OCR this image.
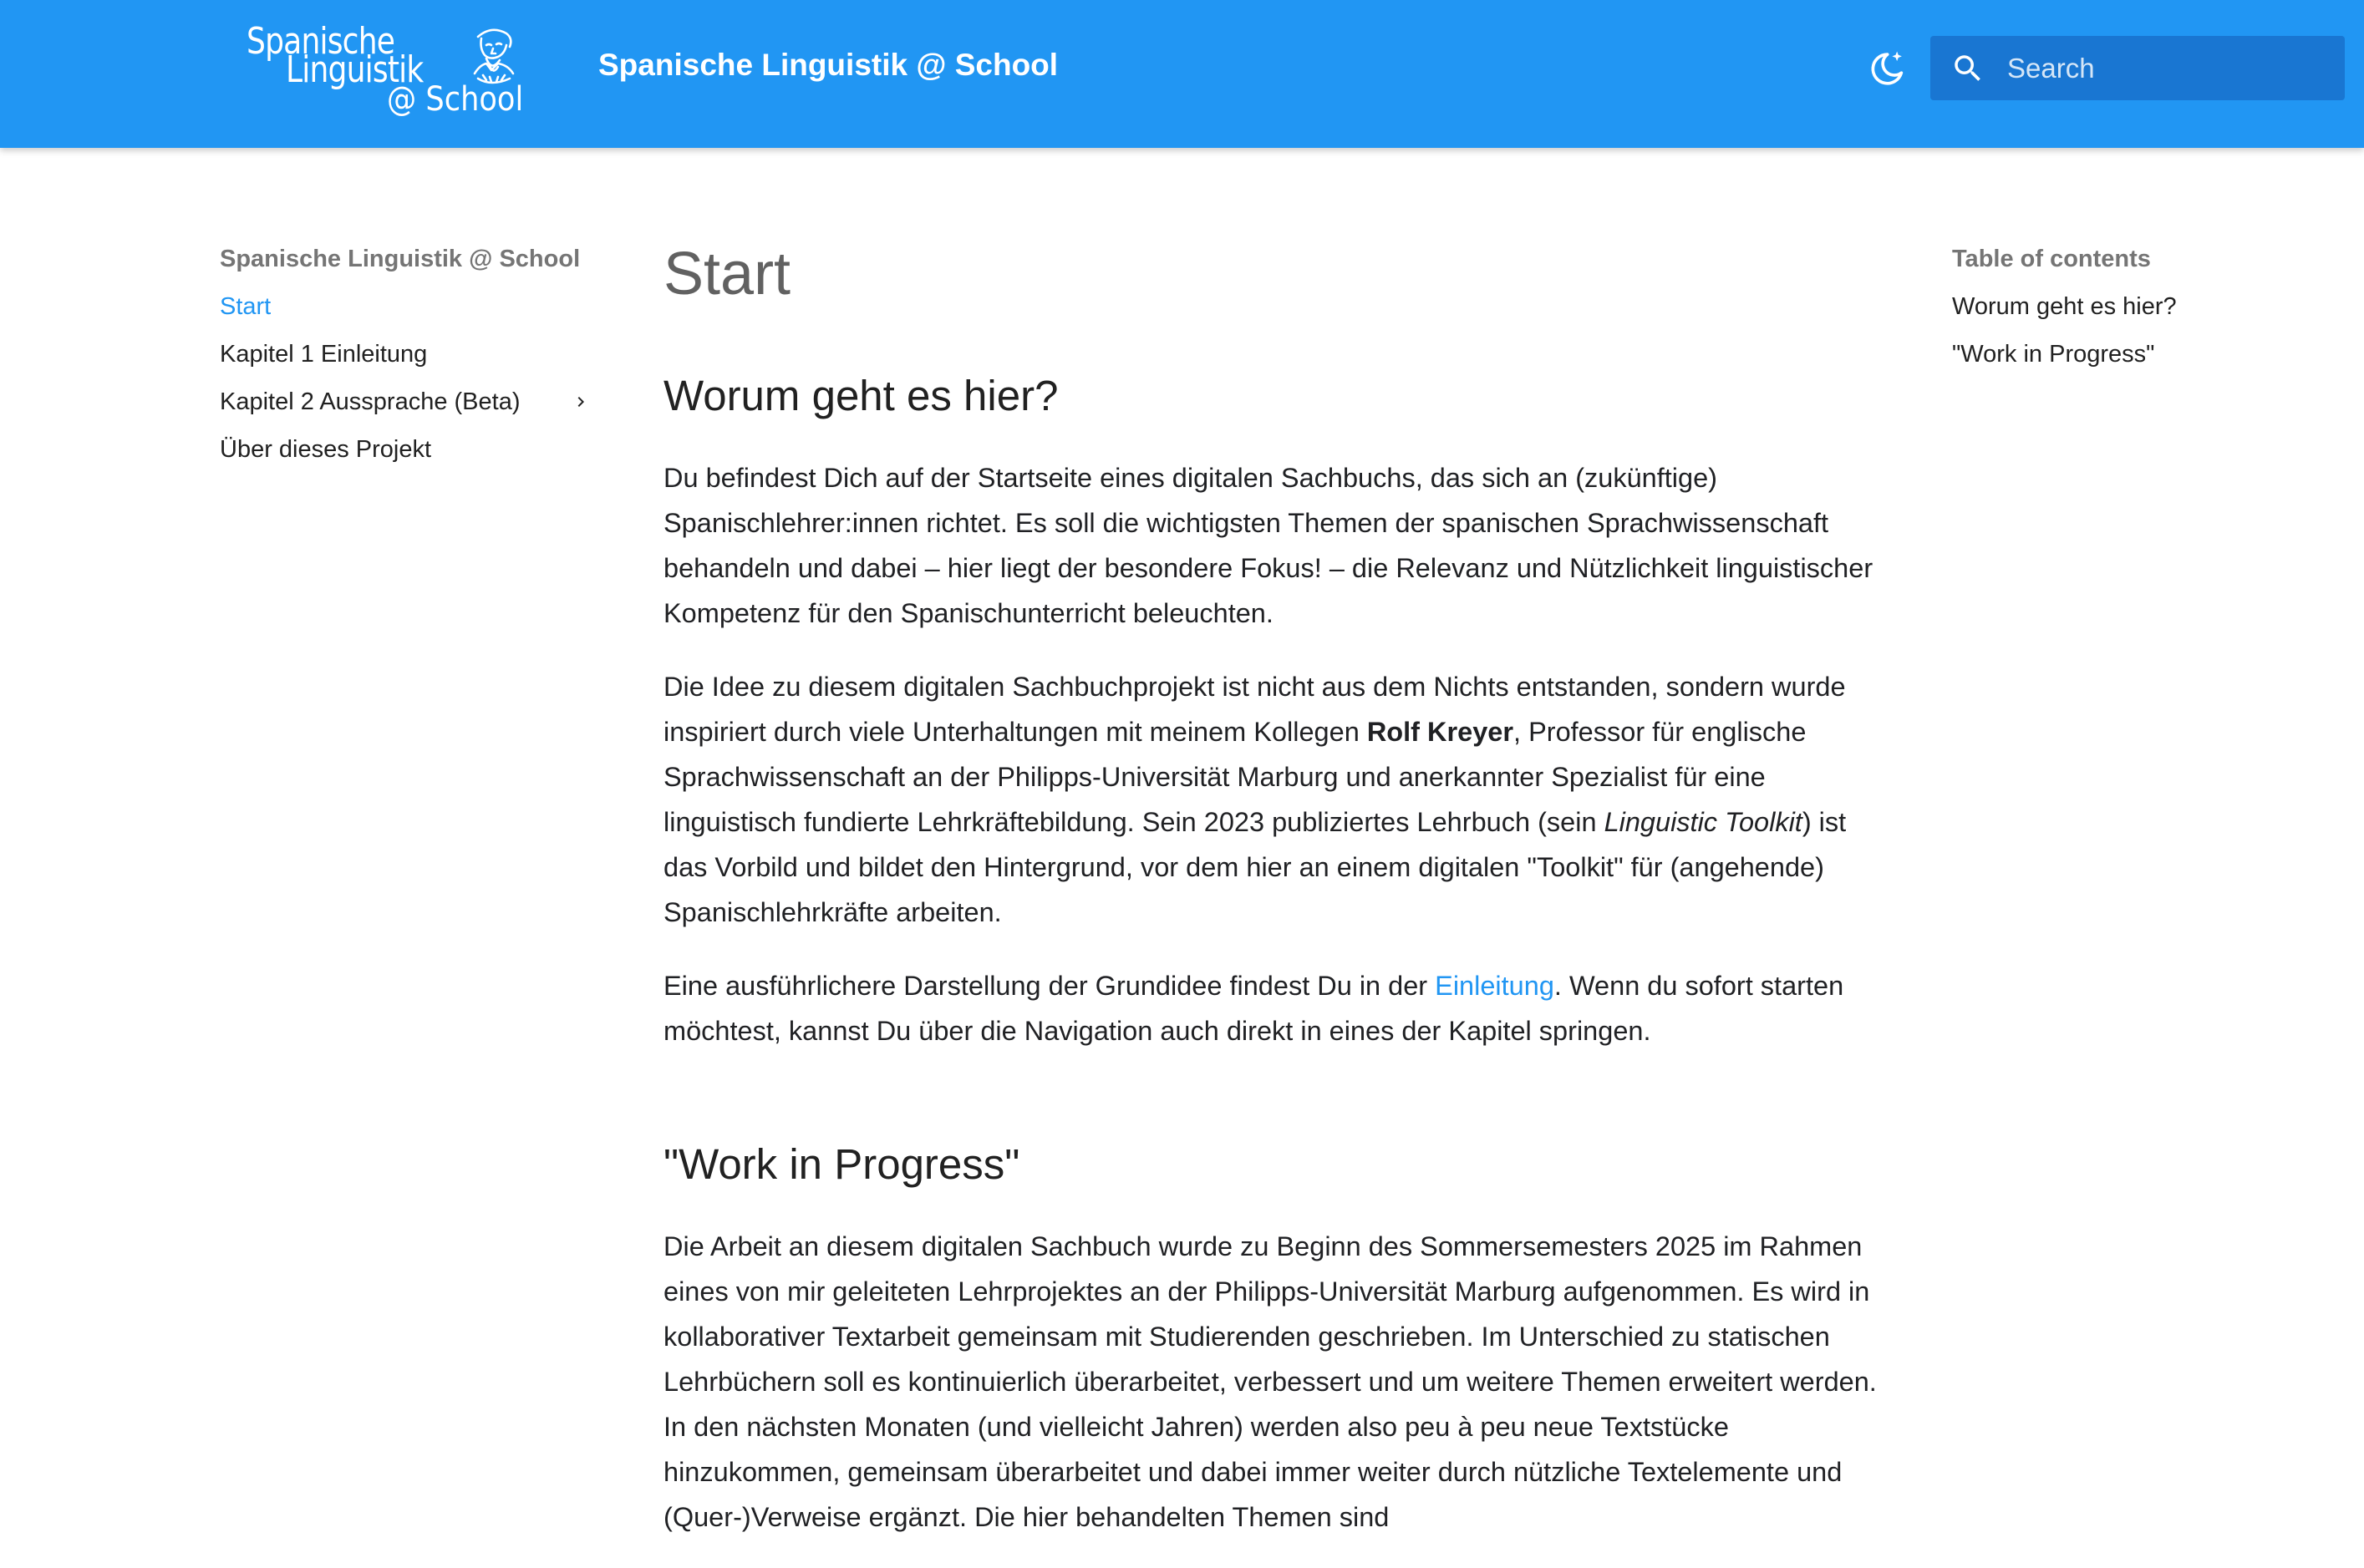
Spanische
Linguistik
@ School
Spanische Linguistik @ School
Search
Spanische Linguistik @ School
Start
Kapitel 1 Einleitung
Kapitel 2 Aussprache (Beta)
Über dieses Projekt
Start
Worum geht es hier?

Du befindest Dich auf der Startseite eines digitalen Sachbuchs, das sich an (zukünftige) Spanischlehrer:innen richtet. Es soll die wichtigsten Themen der spanischen Sprachwissenschaft behandeln und dabei – hier liegt der besondere Fokus! – die Relevanz und Nützlichkeit linguistischer Kompetenz für den Spanischunterricht beleuchten.

Die Idee zu diesem digitalen Sachbuchprojekt ist nicht aus dem Nichts entstanden, sondern wurde inspiriert durch viele Unterhaltungen mit meinem Kollegen Rolf Kreyer, Professor für englische Sprachwissenschaft an der Philipps-Universität Marburg und anerkannter Spezialist für eine linguistisch fundierte Lehrkräftebildung. Sein 2023 publiziertes Lehrbuch (sein Linguistic Toolkit) ist das Vorbild und bildet den Hintergrund, vor dem hier an einem digitalen "Toolkit" für (angehende) Spanischlehrkräfte arbeiten.

Eine ausführlichere Darstellung der Grundidee findest Du in der Einleitung. Wenn du sofort starten möchtest, kannst Du über die Navigation auch direkt in eines der Kapitel springen.

"Work in Progress"

Die Arbeit an diesem digitalen Sachbuch wurde zu Beginn des Sommersemesters 2025 im Rahmen eines von mir geleiteten Lehrprojektes an der Philipps-Universität Marburg aufgenommen. Es wird in kollaborativer Textarbeit gemeinsam mit Studierenden geschrieben. Im Unterschied zu statischen Lehrbüchern soll es kontinuierlich überarbeitet, verbessert und um weitere Themen erweitert werden. In den nächsten Monaten (und vielleicht Jahren) werden also peu à peu neue Textstücke hinzukommen, gemeinsam überarbeitet und dabei immer weiter durch nützliche Textelemente und (Quer-)Verweise ergänzt. Die hier behandelten Themen sind

Table of contents
Worum geht es hier?
"Work in Progress"
